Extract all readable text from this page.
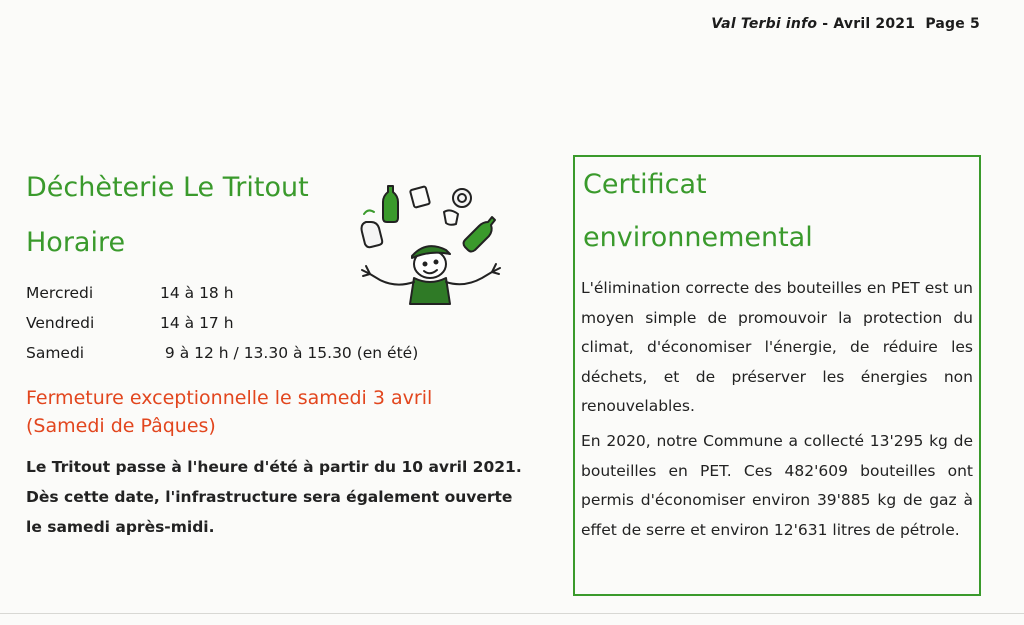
Val Terbi info - Avril 2021 Page 5
Déchèterie Le Tritout
Horaire
Mercredi	14 à 18 h
Vendredi	14 à 17 h
Samedi	9 à 12 h / 13.30 à 15.30 (en été)
Fermeture exceptionnelle le samedi 3 avril
(Samedi de Pâques)
Le Tritout passe à l'heure d'été à partir du 10 avril 2021. Dès cette date, l'infrastructure sera également ouverte le samedi après-midi.
Certificat
environnemental
L'élimination correcte des bouteilles en PET est un moyen simple de promouvoir la protection du climat, d'économiser l'énergie, de réduire les déchets, et de préserver les énergies non renouvelables.
En 2020, notre Commune a collecté 13'295 kg de bouteilles en PET. Ces 482'609 bouteilles ont permis d'économiser environ 39'885 kg de gaz à effet de serre et environ 12'631 litres de pétrole.
